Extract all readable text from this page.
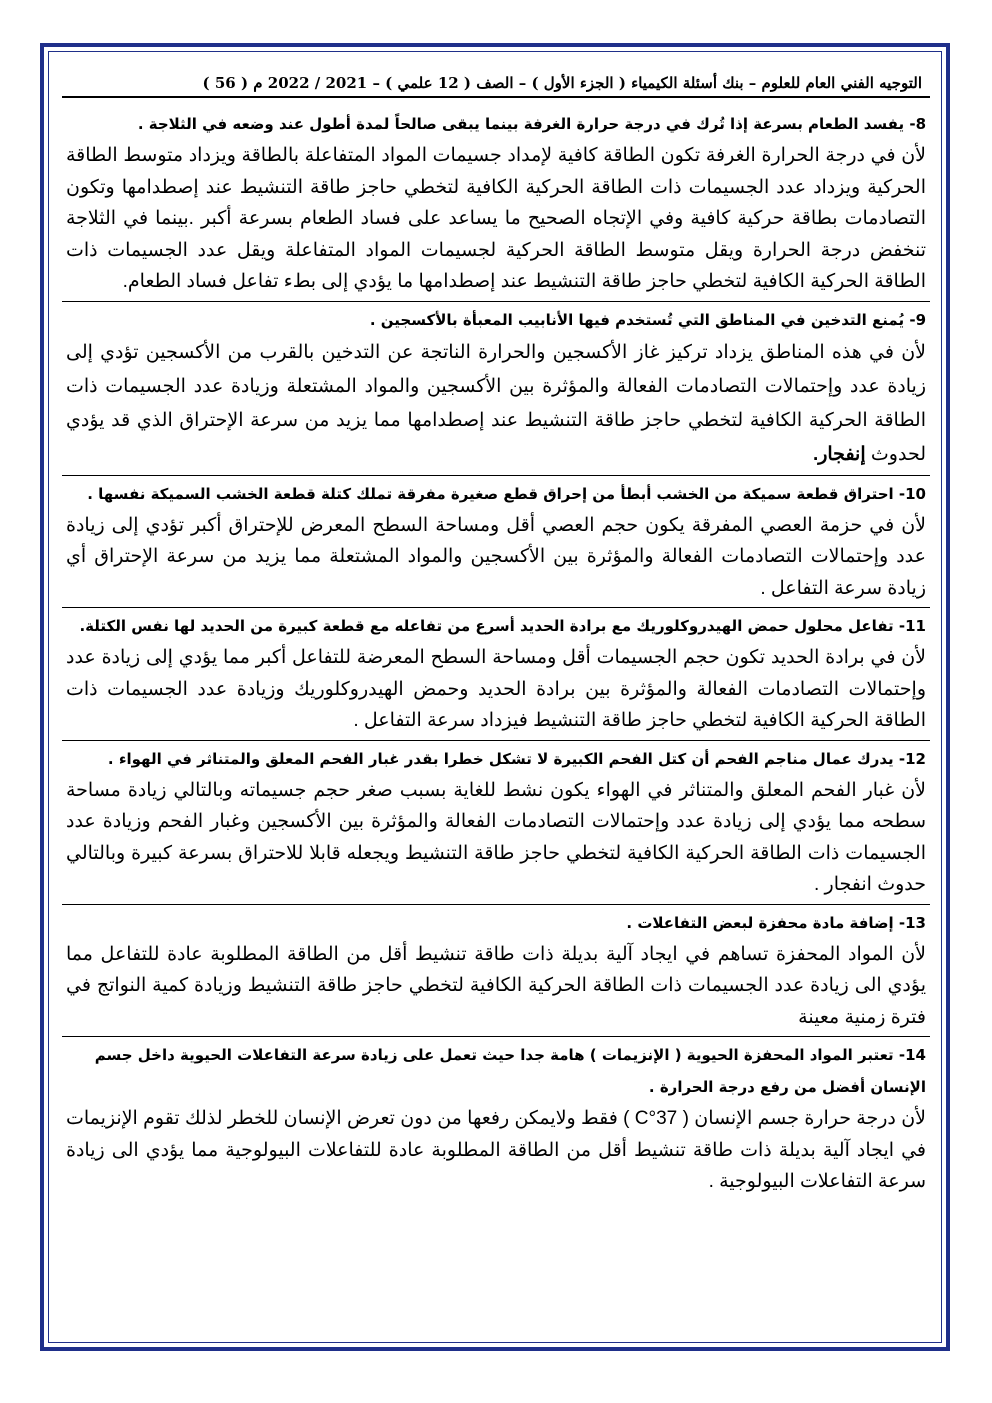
التوجيه الفني العام للعلوم – بنك أسئلة الكيمياء ( الجزء الأول ) – الصف ( 12 علمي ) – 2021 / 2022 م ( 56 )
8- يفسد الطعام بسرعة إذا تُرك في درجة حرارة الغرفة بينما يبقى صالحاً لمدة أطول عند وضعه في الثلاجة .
لأن في درجة الحرارة الغرفة تكون الطاقة كافية لإمداد جسيمات المواد المتفاعلة بالطاقة ويزداد متوسط الطاقة الحركية ويزداد عدد الجسيمات ذات الطاقة الحركية الكافية لتخطي حاجز طاقة التنشيط عند إصطدامها وتكون التصادمات بطاقة حركية كافية وفي الإتجاه الصحيح ما يساعد على فساد الطعام بسرعة أكبر .بينما في الثلاجة تنخفض درجة الحرارة ويقل متوسط الطاقة الحركية لجسيمات المواد المتفاعلة ويقل عدد الجسيمات ذات الطاقة الحركية الكافية لتخطي حاجز طاقة التنشيط عند إصطدامها ما يؤدي إلى بطء تفاعل فساد الطعام.
9- يُمنع التدخين في المناطق التي تُستخدم فيها الأنابيب المعبأة بالأكسجين .
لأن في هذه المناطق يزداد تركيز غاز الأكسجين والحرارة الناتجة عن التدخين بالقرب من الأكسجين تؤدي إلى زيادة عدد وإحتمالات التصادمات الفعالة والمؤثرة بين الأكسجين والمواد المشتعلة وزيادة عدد الجسيمات ذات الطاقة الحركية الكافية لتخطي حاجز طاقة التنشيط عند إصطدامها مما يزيد من سرعة الإحتراق الذي قد يؤدي لحدوث إنفجار.
10- احتراق قطعة سميكة من الخشب أبطأ من إحراق قطع صغيرة مفرقة تملك كتلة قطعة الخشب السميكة نفسها .
لأن في حزمة العصي المفرقة يكون حجم العصي أقل ومساحة السطح المعرض للإحتراق أكبر تؤدي إلى زيادة عدد وإحتمالات التصادمات الفعالة والمؤثرة بين الأكسجين والمواد المشتعلة مما يزيد من سرعة الإحتراق أي زيادة سرعة التفاعل .
11- تفاعل محلول حمض الهيدروكلوريك مع برادة الحديد أسرع من تفاعله مع قطعة كبيرة من الحديد لها نفس الكتلة.
لأن في برادة الحديد تكون حجم الجسيمات أقل ومساحة السطح المعرضة للتفاعل أكبر مما يؤدي إلى زيادة عدد وإحتمالات التصادمات الفعالة والمؤثرة بين برادة الحديد وحمض الهيدروكلوريك وزيادة عدد الجسيمات ذات الطاقة الحركية الكافية لتخطي حاجز طاقة التنشيط فيزداد سرعة التفاعل .
12- يدرك عمال مناجم الفحم أن كتل الفحم الكبيرة لا تشكل خطرا بقدر غبار الفحم المعلق والمتناثر في الهواء .
لأن غبار الفحم المعلق والمتناثر في الهواء يكون نشط للغاية بسبب صغر حجم جسيماته وبالتالي زيادة مساحة سطحه مما يؤدي إلى زيادة عدد وإحتمالات التصادمات الفعالة والمؤثرة بين الأكسجين وغبار الفحم وزيادة عدد الجسيمات ذات الطاقة الحركية الكافية لتخطي حاجز طاقة التنشيط ويجعله قابلا للاحتراق بسرعة كبيرة وبالتالي حدوث انفجار .
13- إضافة مادة محفزة لبعض التفاعلات .
لأن المواد المحفزة تساهم في ايجاد آلية بديلة ذات طاقة تنشيط أقل من الطاقة المطلوبة عادة للتفاعل مما يؤدي الى زيادة عدد الجسيمات ذات الطاقة الحركية الكافية لتخطي حاجز طاقة التنشيط وزيادة كمية النواتج في فترة زمنية معينة
14- تعتبر المواد المحفزة الحيوية ( الإنزيمات ) هامة جدا حيث تعمل على زيادة سرعة التفاعلات الحيوية داخل جسم الإنسان أفضل من رفع درجة الحرارة .
لأن درجة حرارة جسم الإنسان ( 37°C ) فقط ولايمكن رفعها من دون تعرض الإنسان للخطر لذلك تقوم الإنزيمات في ايجاد آلية بديلة ذات طاقة تنشيط أقل من الطاقة المطلوبة عادة للتفاعلات البيولوجية مما يؤدي الى زيادة سرعة التفاعلات البيولوجية .
